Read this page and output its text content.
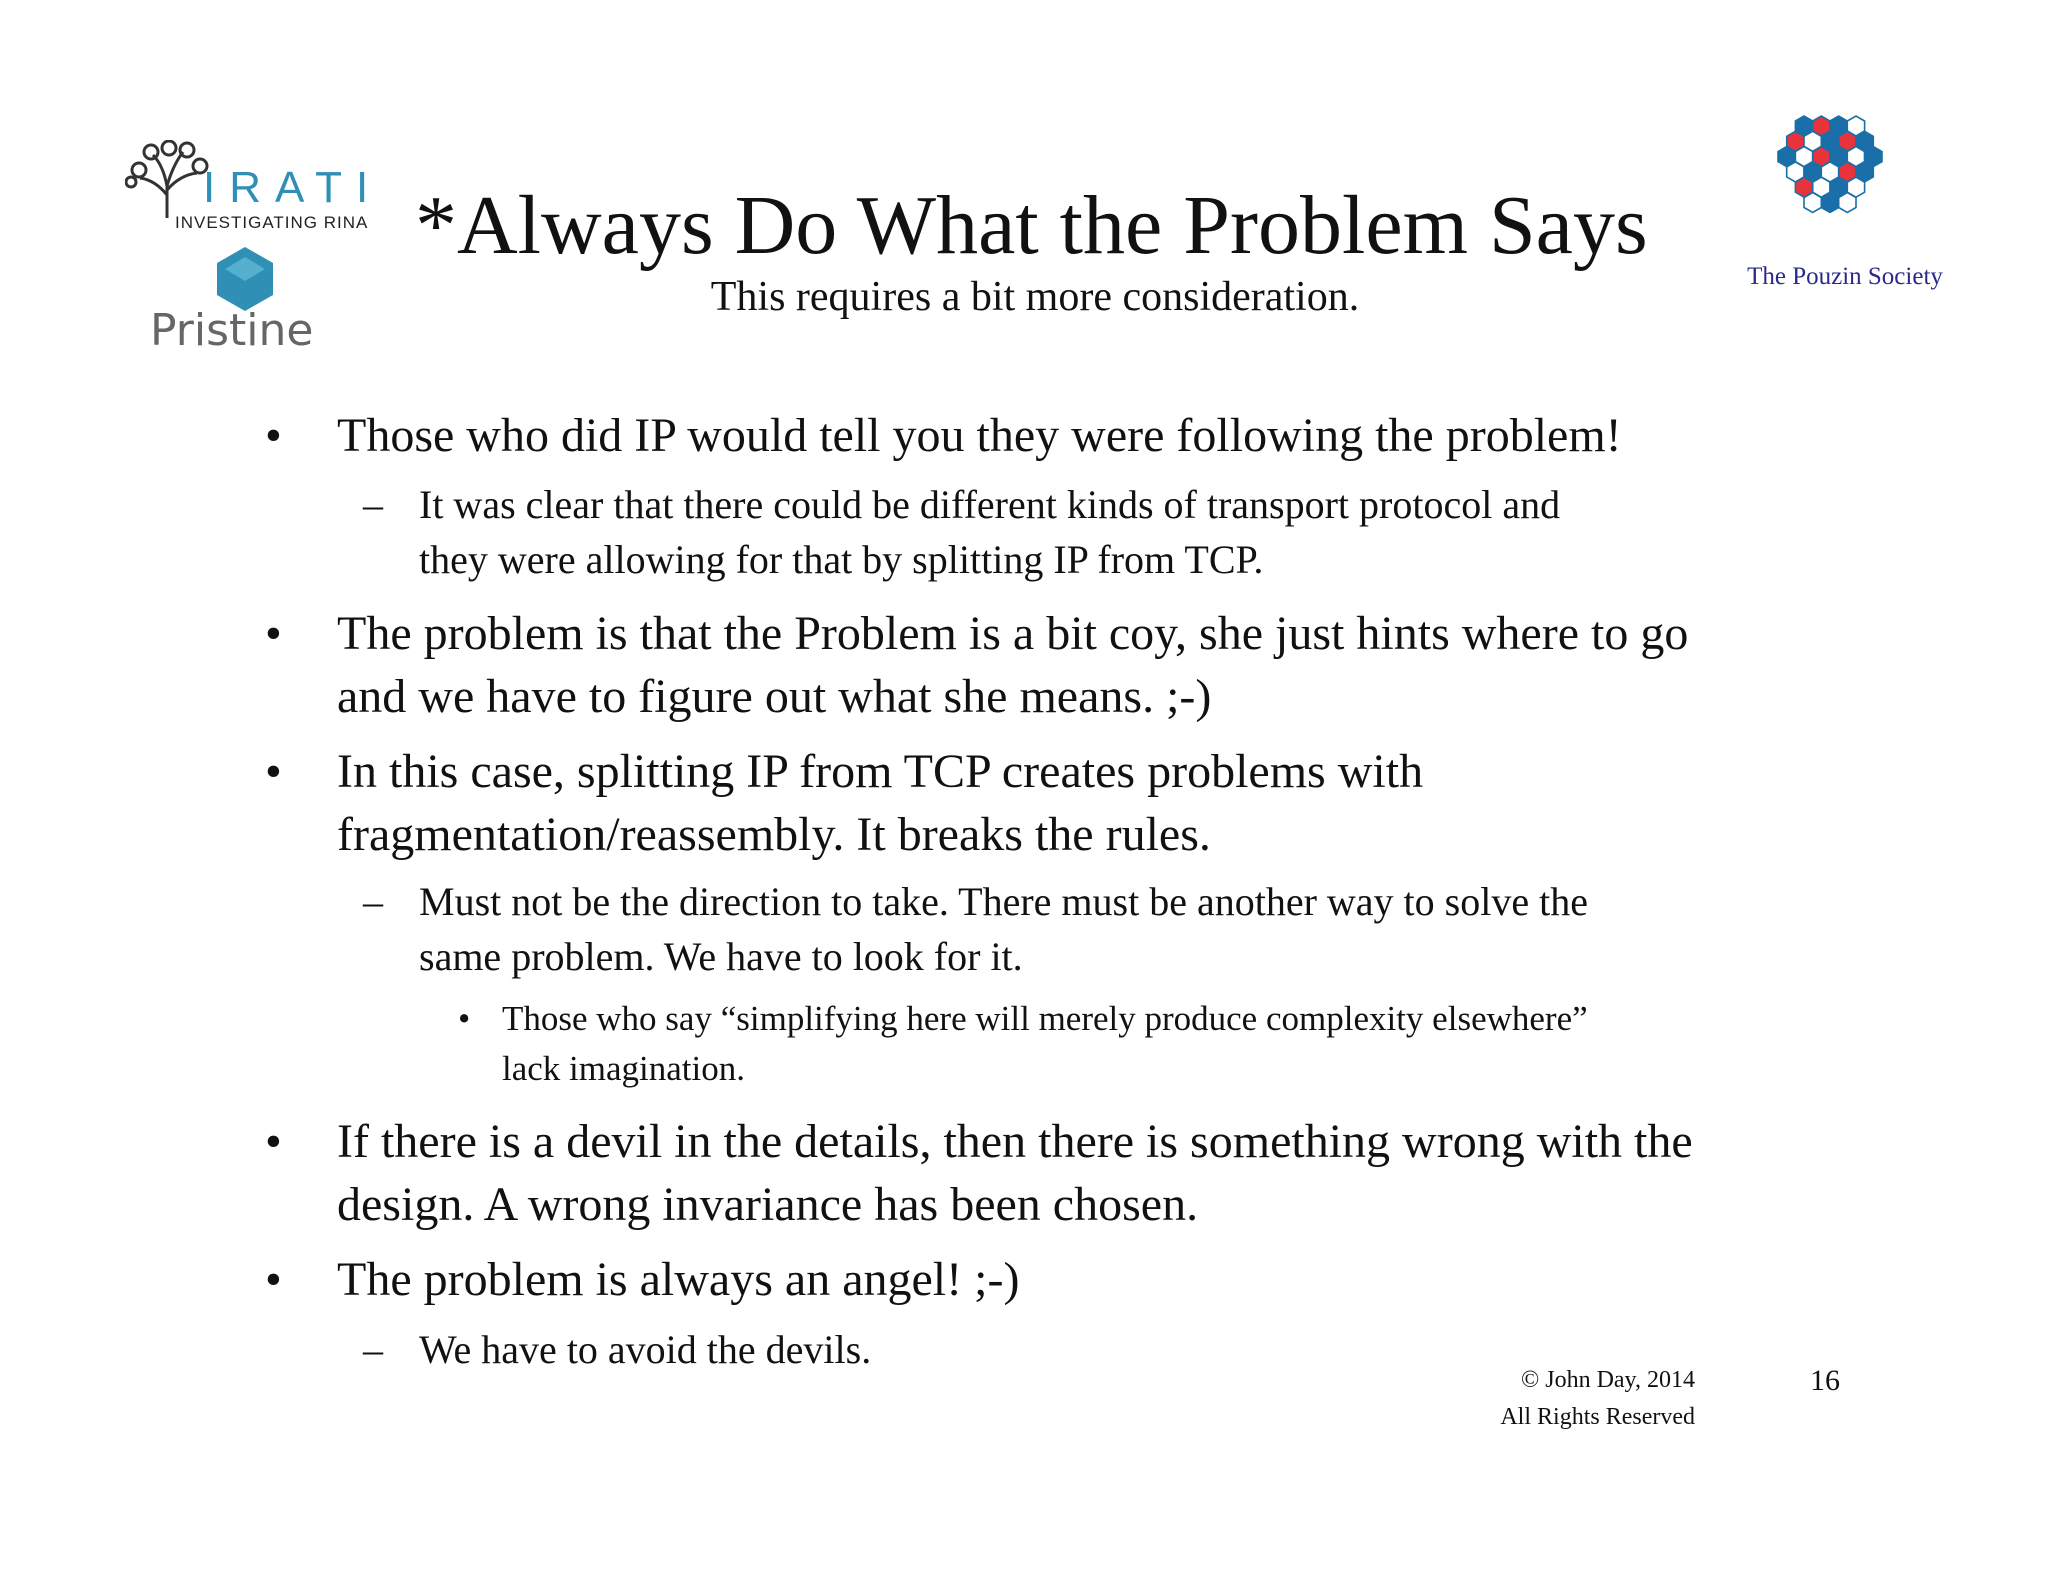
IRATI
INVESTIGATING RINA
Pristine
The Pouzin Society
*Always Do What the Problem Says
This requires a bit more consideration.
• Those who did IP would tell you they were following the problem!
– It was clear that there could be different kinds of transport protocol and
they were allowing for that by splitting IP from TCP.
• The problem is that the Problem is a bit coy, she just hints where to go
and we have to figure out what she means. ;-)
• In this case, splitting IP from TCP creates problems with
fragmentation/reassembly. It breaks the rules.
– Must not be the direction to take. There must be another way to solve the
same problem. We have to look for it.
• Those who say “simplifying here will merely produce complexity elsewhere”
lack imagination.
• If there is a devil in the details, then there is something wrong with the
design. A wrong invariance has been chosen.
• The problem is always an angel! ;-)
– We have to avoid the devils.
© John Day, 2014
All Rights Reserved
16
